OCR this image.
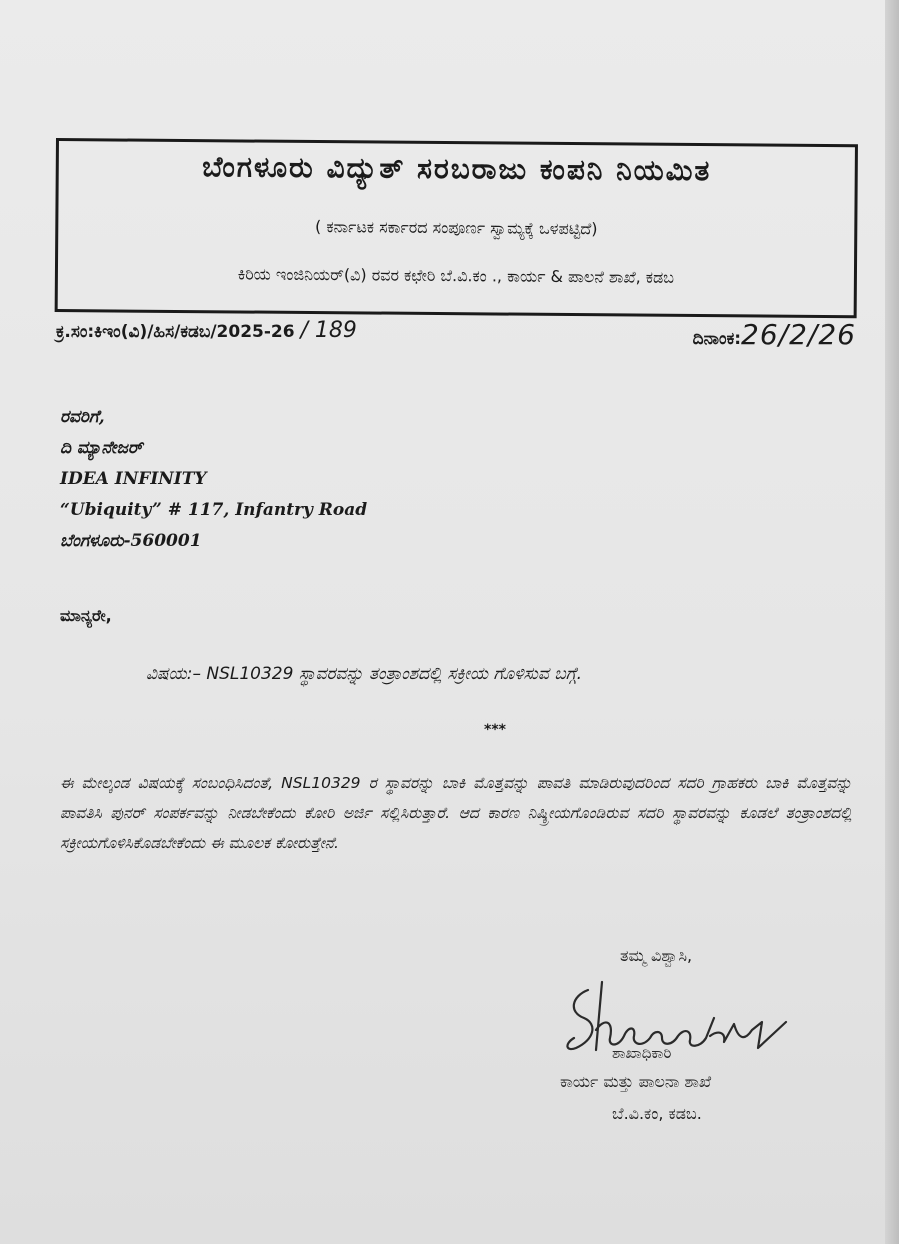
ಬೆಂಗಳೂರು ವಿದ್ಯುತ್ ಸರಬರಾಜು ಕಂಪನಿ ನಿಯಮಿತ
( ಕರ್ನಾಟಕ ಸರ್ಕಾರದ ಸಂಪೂರ್ಣ ಸ್ವಾಮ್ಯಕ್ಕೆ ಒಳಪಟ್ಟಿದೆ)
ಕಿರಿಯ ಇಂಜಿನಿಯರ್(ವಿ) ರವರ ಕಛೇರಿ ಬೆ.ವಿ.ಕಂ ., ಕಾರ್ಯ & ಪಾಲನೆ ಶಾಖೆ, ಕಡಬ
ಕ್ರ.ಸಂ:ಕಿಇಂ(ವಿ)/ಹಿಸ/ಕಡಬ/2025-26 / 189	ದಿನಾಂಕ:26/2/26
ರವರಿಗೆ,
ದಿ ಮ್ಯಾನೇಜರ್
IDEA INFINITY
“Ubiquity” # 117, Infantry Road
ಬೆಂಗಳೂರು-560001
ಮಾನ್ಯರೇ,
ವಿಷಯ:– NSL10329 ಸ್ಥಾವರವನ್ನು ತಂತ್ರಾಂಶದಲ್ಲಿ ಸಕ್ರೀಯ ಗೊಳಿಸುವ ಬಗ್ಗೆ.
***
ಈ ಮೇಲ್ಕಂಡ ವಿಷಯಕ್ಕೆ ಸಂಬಂಧಿಸಿದಂತೆ, NSL10329 ರ ಸ್ಥಾವರನ್ನು ಬಾಕಿ ಮೊತ್ತವನ್ನು ಪಾವತಿ ಮಾಡಿರುವುದರಿಂದ ಸದರಿ ಗ್ರಾಹಕರು ಬಾಕಿ ಮೊತ್ತವನ್ನು ಪಾವತಿಸಿ ಪುನರ್ ಸಂಪರ್ಕವನ್ನು ನೀಡಬೇಕೆಂದು ಕೋರಿ ಅರ್ಜಿ ಸಲ್ಲಿಸಿರುತ್ತಾರೆ. ಆದ ಕಾರಣ ನಿಷ್ಕ್ರೀಯಗೊಂಡಿರುವ ಸದರಿ ಸ್ಥಾವರವನ್ನು ಕೂಡಲೆ ತಂತ್ರಾಂಶದಲ್ಲಿ ಸಕ್ರೀಯಗೊಳಿಸಿಕೊಡಬೇಕೆಂದು ಈ ಮೂಲಕ ಕೋರುತ್ತೇನೆ.
ತಮ್ಮ ವಿಶ್ವಾಸಿ,
ಶಾಖಾಧಿಕಾರಿ
ಕಾರ್ಯ ಮತ್ತು ಪಾಲನಾ ಶಾಖೆ
ಬೆ.ವಿ.ಕಂ, ಕಡಬ.
